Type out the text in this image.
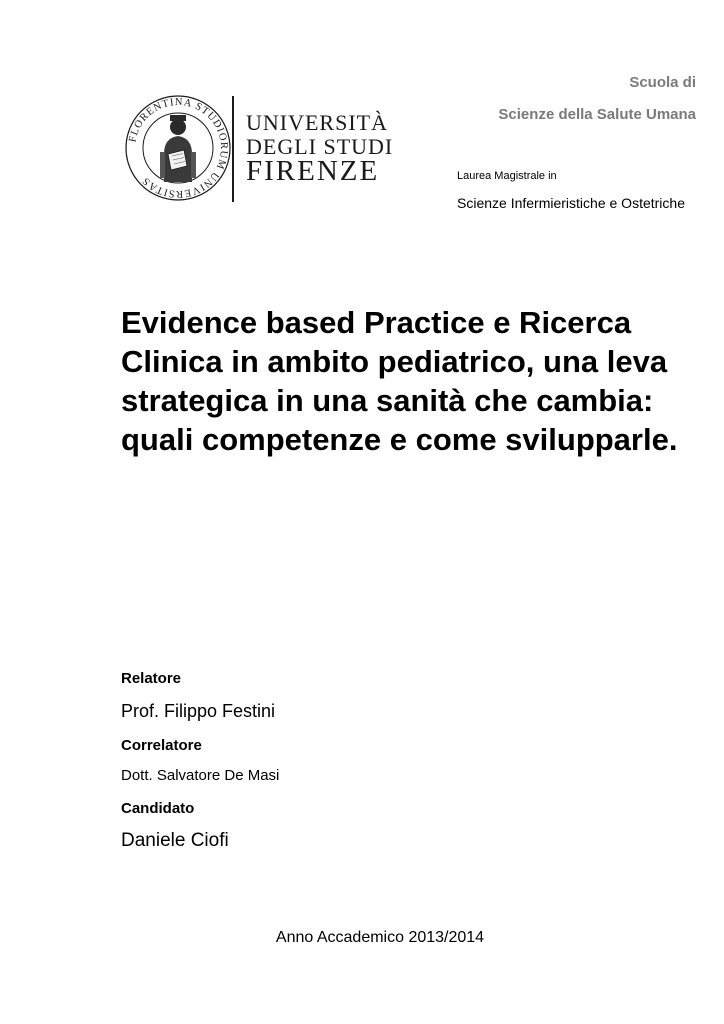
FLORENTINA STUDIORUM UNIVERSITAS
UNIVERSITÀ
DEGLI STUDI
FIRENZE
Scuola di
Scienze della Salute Umana
Laurea Magistrale in
Scienze Infermieristiche e Ostetriche
Evidence based Practice e Ricerca Clinica in ambito pediatrico, una leva strategica in una sanità che cambia: quali competenze e come svilupparle.
Relatore
Prof. Filippo Festini
Correlatore
Dott. Salvatore De Masi
Candidato
Daniele Ciofi
Anno Accademico 2013/2014
